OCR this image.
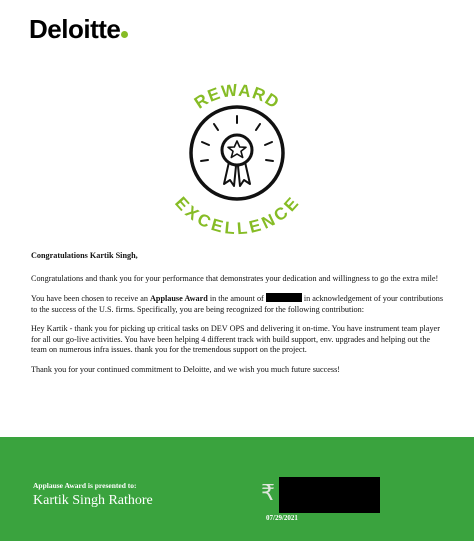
Deloitte
REWARD
EXCELLENCE

Congratulations Kartik Singh,

Congratulations and thank you for your performance that demonstrates your dedication and willingness to go the extra mile!

You have been chosen to receive an Applause Award in the amount of	in acknowledgement of your contributions to the success of the U.S. firms. Specifically, you are being recognized for the following contribution:

Hey Kartik - thank you for picking up critical tasks on DEV OPS and delivering it on-time. You have instrument team player for all our go-live activities. You have been helping 4 different track with build support, env. upgrades and helping out the team on numerous infra issues. thank you for the tremendous support on the project.

Thank you for your continued commitment to Deloitte, and we wish you much future success!

Applause Award is presented to:
Kartik Singh Rathore	₹
07/29/2021
